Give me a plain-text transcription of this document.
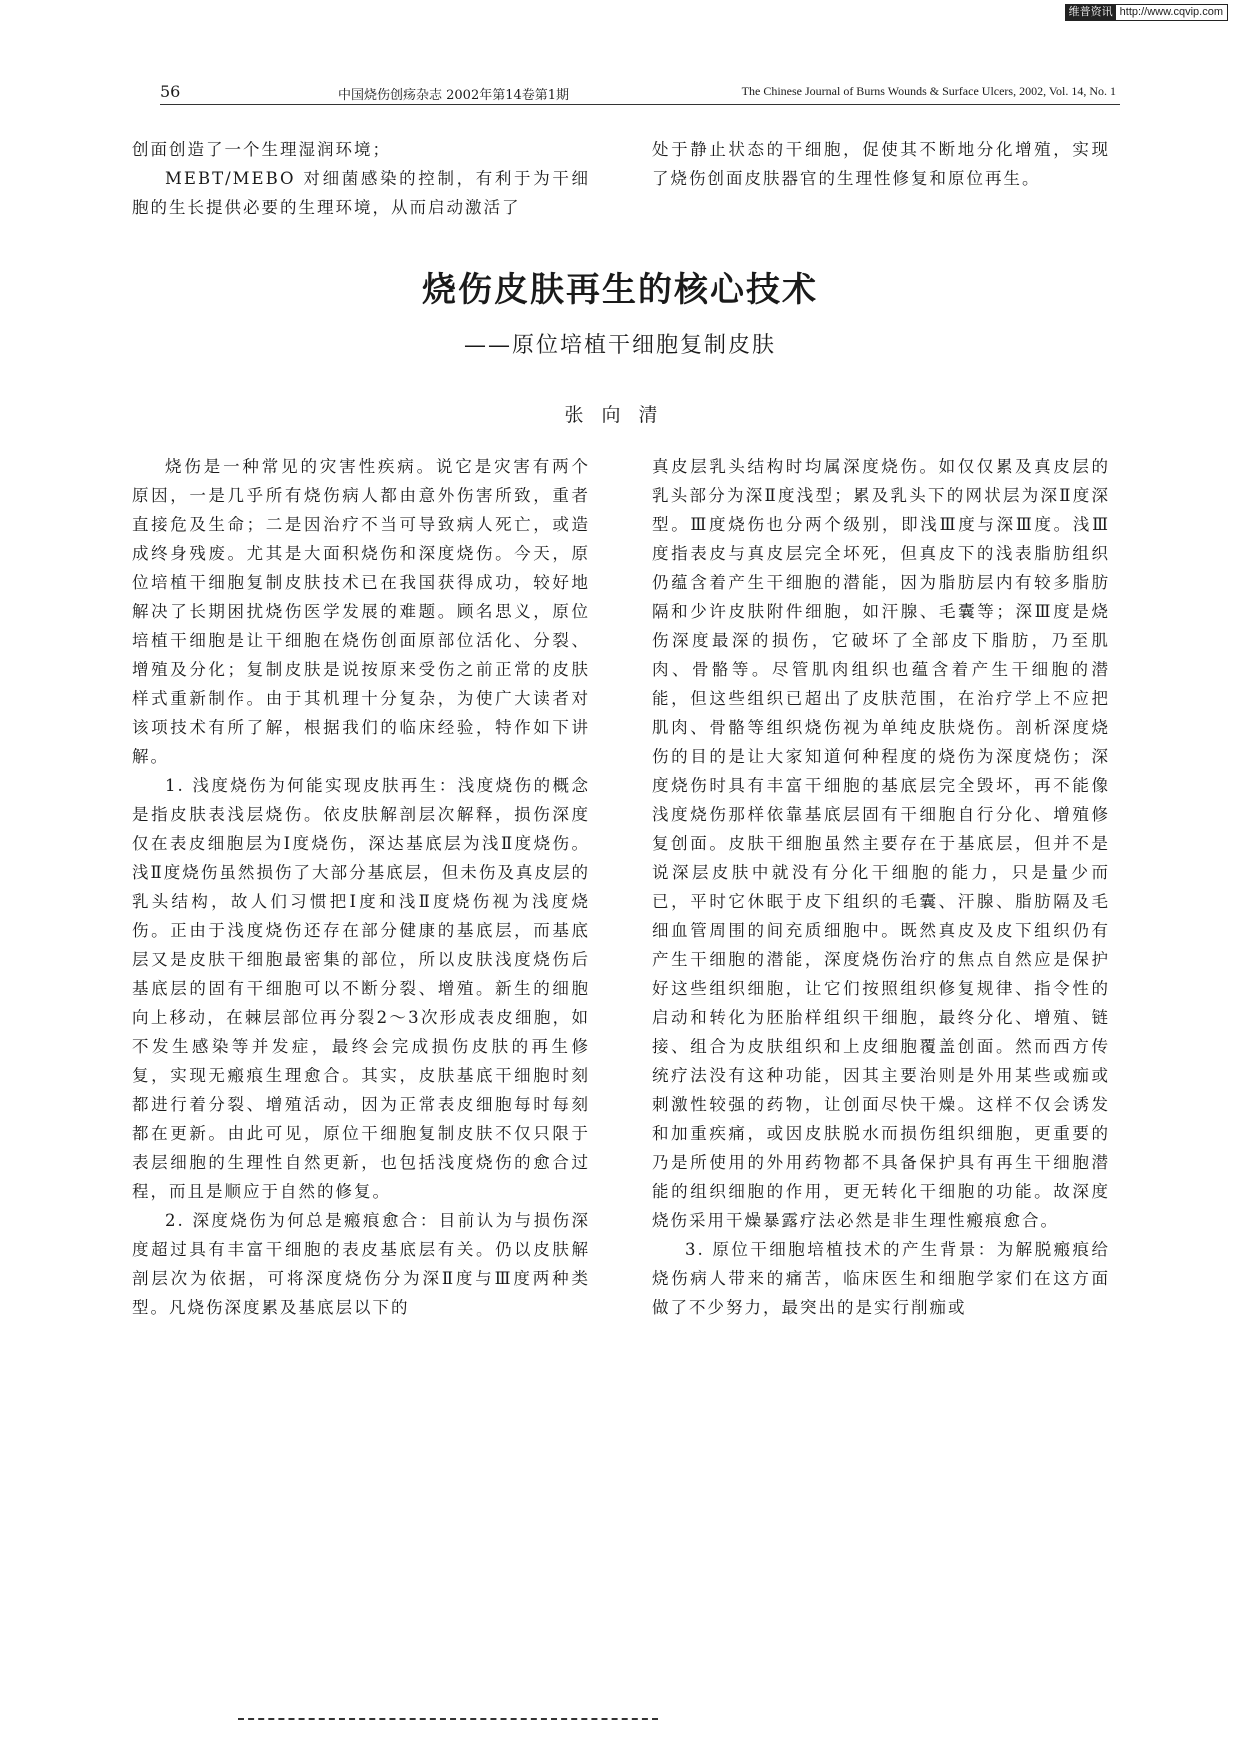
维普资讯 http://www.cqvip.com
56	中国烧伤创疡杂志 2002年第14卷第1期	The Chinese Journal of Burns Wounds & Surface Ulcers, 2002, Vol. 14, No. 1

创面创造了一个生理湿润环境；

MEBT/MEBO 对细菌感染的控制，有利于为干细胞的生长提供必要的生理环境，从而启动激活了

处于静止状态的干细胞，促使其不断地分化增殖，实现了烧伤创面皮肤器官的生理性修复和原位再生。

烧伤皮肤再生的核心技术
——原位培植干细胞复制皮肤
张向清

烧伤是一种常见的灾害性疾病。说它是灾害有两个原因，一是几乎所有烧伤病人都由意外伤害所致，重者直接危及生命；二是因治疗不当可导致病人死亡，或造成终身残废。尤其是大面积烧伤和深度烧伤。今天，原位培植干细胞复制皮肤技术已在我国获得成功，较好地解决了长期困扰烧伤医学发展的难题。顾名思义，原位培植干细胞是让干细胞在烧伤创面原部位活化、分裂、增殖及分化；复制皮肤是说按原来受伤之前正常的皮肤样式重新制作。由于其机理十分复杂，为使广大读者对该项技术有所了解，根据我们的临床经验，特作如下讲解。

1. 浅度烧伤为何能实现皮肤再生：浅度烧伤的概念是指皮肤表浅层烧伤。依皮肤解剖层次解释，损伤深度仅在表皮细胞层为Ⅰ度烧伤，深达基底层为浅Ⅱ度烧伤。浅Ⅱ度烧伤虽然损伤了大部分基底层，但未伤及真皮层的乳头结构，故人们习惯把Ⅰ度和浅Ⅱ度烧伤视为浅度烧伤。正由于浅度烧伤还存在部分健康的基底层，而基底层又是皮肤干细胞最密集的部位，所以皮肤浅度烧伤后基底层的固有干细胞可以不断分裂、增殖。新生的细胞向上移动，在棘层部位再分裂2～3次形成表皮细胞，如不发生感染等并发症，最终会完成损伤皮肤的再生修复，实现无瘢痕生理愈合。其实，皮肤基底干细胞时刻都进行着分裂、增殖活动，因为正常表皮细胞每时每刻都在更新。由此可见，原位干细胞复制皮肤不仅只限于表层细胞的生理性自然更新，也包括浅度烧伤的愈合过程，而且是顺应于自然的修复。

2. 深度烧伤为何总是瘢痕愈合：目前认为与损伤深度超过具有丰富干细胞的表皮基底层有关。仍以皮肤解剖层次为依据，可将深度烧伤分为深Ⅱ度与Ⅲ度两种类型。凡烧伤深度累及基底层以下的

真皮层乳头结构时均属深度烧伤。如仅仅累及真皮层的乳头部分为深Ⅱ度浅型；累及乳头下的网状层为深Ⅱ度深型。Ⅲ度烧伤也分两个级别，即浅Ⅲ度与深Ⅲ度。浅Ⅲ度指表皮与真皮层完全坏死，但真皮下的浅表脂肪组织仍蕴含着产生干细胞的潜能，因为脂肪层内有较多脂肪隔和少许皮肤附件细胞，如汗腺、毛囊等；深Ⅲ度是烧伤深度最深的损伤，它破坏了全部皮下脂肪，乃至肌肉、骨骼等。尽管肌肉组织也蕴含着产生干细胞的潜能，但这些组织已超出了皮肤范围，在治疗学上不应把肌肉、骨骼等组织烧伤视为单纯皮肤烧伤。剖析深度烧伤的目的是让大家知道何种程度的烧伤为深度烧伤；深度烧伤时具有丰富干细胞的基底层完全毁坏，再不能像浅度烧伤那样依靠基底层固有干细胞自行分化、增殖修复创面。皮肤干细胞虽然主要存在于基底层，但并不是说深层皮肤中就没有分化干细胞的能力，只是量少而已，平时它休眠于皮下组织的毛囊、汗腺、脂肪隔及毛细血管周围的间充质细胞中。既然真皮及皮下组织仍有产生干细胞的潜能，深度烧伤治疗的焦点自然应是保护好这些组织细胞，让它们按照组织修复规律、指令性的启动和转化为胚胎样组织干细胞，最终分化、增殖、链接、组合为皮肤组织和上皮细胞覆盖创面。然而西方传统疗法没有这种功能，因其主要治则是外用某些或痂或刺激性较强的药物，让创面尽快干燥。这样不仅会诱发和加重疾痛，或因皮肤脱水而损伤组织细胞，更重要的乃是所使用的外用药物都不具备保护具有再生干细胞潜能的组织细胞的作用，更无转化干细胞的功能。故深度烧伤采用干燥暴露疗法必然是非生理性瘢痕愈合。

3. 原位干细胞培植技术的产生背景：为解脱瘢痕给烧伤病人带来的痛苦，临床医生和细胞学家们在这方面做了不少努力，最突出的是实行削痂或
